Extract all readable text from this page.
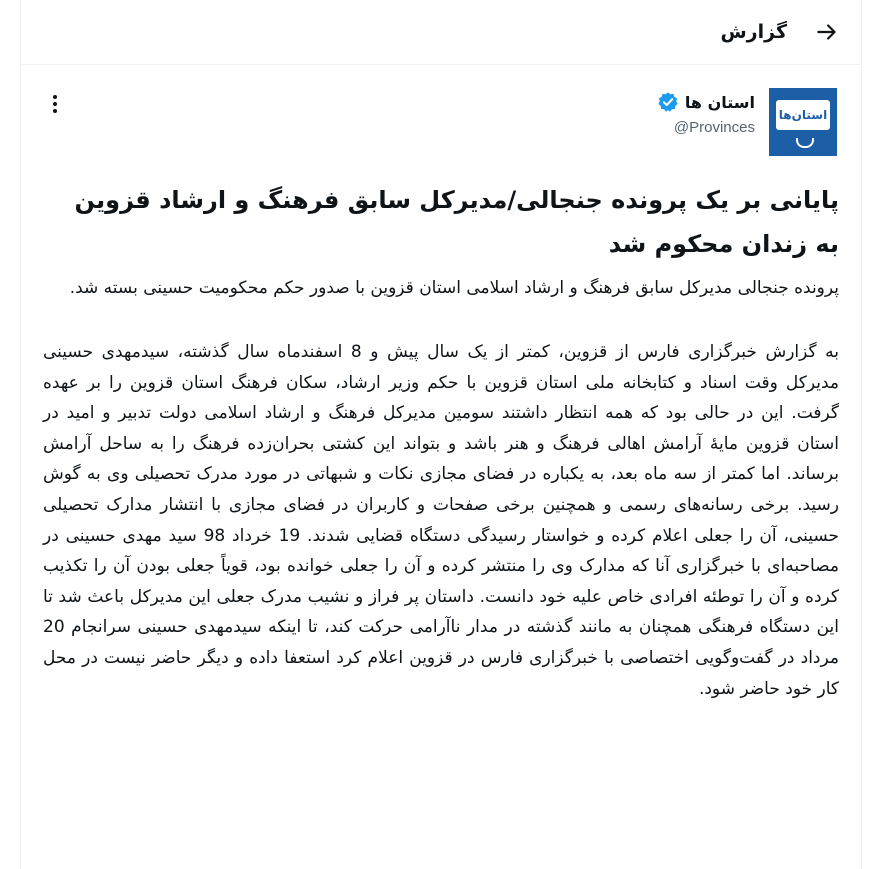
گزارش
استان‌ها
استان ها
@Provinces
پایانی بر یک پرونده جنجالی/مدیرکل سابق فرهنگ و ارشاد قزوین به زندان محکوم شد

پرونده جنجالی مدیرکل سابق فرهنگ و ارشاد اسلامی استان قزوین با صدور حکم محکومیت حسینی بسته شد.

به گزارش خبرگزاری فارس از قزوین، کمتر از یک سال پیش و 8 اسفندماه سال گذشته، سیدمهدی حسینی مدیرکل وقت اسناد و کتابخانه ملی استان قزوین با حکم وزیر ارشاد، سکان فرهنگ استان قزوین را بر عهده گرفت. این در حالی بود که همه انتظار داشتند سومین مدیرکل فرهنگ و ارشاد اسلامی دولت تدبیر و امید در استان قزوین مایهٔ آرامش اهالی فرهنگ و هنر باشد و بتواند این کشتی بحران‌زده فرهنگ را به ساحل آرامش برساند. اما کمتر از سه ماه بعد، به یکباره در فضای مجازی نکات و شبهاتی در مورد مدرک تحصیلی وی به گوش رسید. برخی رسانه‌های رسمی و همچنین برخی صفحات و کاربران در فضای مجازی با انتشار مدارک تحصیلی حسینی، آن را جعلی اعلام کرده و خواستار رسیدگی دستگاه قضایی شدند. 19 خرداد 98 سید مهدی حسینی در مصاحبه‌ای با خبرگزاری آنا که مدارک وی را منتشر کرده و آن را جعلی خوانده بود، قویاً جعلی بودن آن را تکذیب کرده و آن را توطئه افرادی خاص علیه خود دانست. داستان پر فراز و نشیب مدرک جعلی این مدیرکل باعث شد تا این دستگاه فرهنگی همچنان به مانند گذشته در مدار ناآرامی حرکت کند، تا اینکه سیدمهدی حسینی سرانجام 20 مرداد در گفت‌وگویی اختصاصی با خبرگزاری فارس در قزوین اعلام کرد استعفا داده و دیگر حاضر نیست در محل کار خود حاضر شود.
